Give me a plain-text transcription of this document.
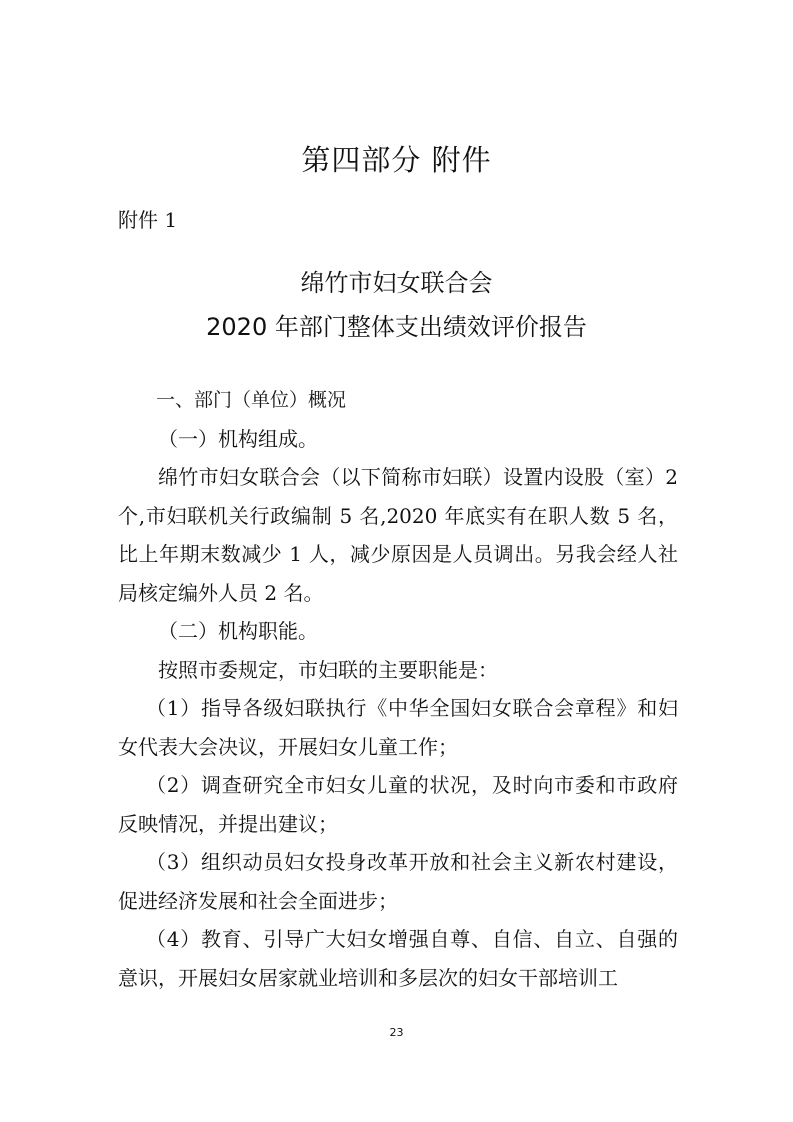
第四部分 附件
附件 1
绵竹市妇女联合会
2020 年部门整体支出绩效评价报告

一、部门（单位）概况

（一）机构组成。

绵竹市妇女联合会（以下简称市妇联）设置内设股（室）2 个,市妇联机关行政编制 5 名,2020 年底实有在职人数 5 名，比上年期末数减少 1 人，减少原因是人员调出。另我会经人社局核定编外人员 2 名。

（二）机构职能。

按照市委规定，市妇联的主要职能是：

（1）指导各级妇联执行《中华全国妇女联合会章程》和妇女代表大会决议，开展妇女儿童工作；

（2）调查研究全市妇女儿童的状况，及时向市委和市政府反映情况，并提出建议；

（3）组织动员妇女投身改革开放和社会主义新农村建设，促进经济发展和社会全面进步；

（4）教育、引导广大妇女增强自尊、自信、自立、自强的意识，开展妇女居家就业培训和多层次的妇女干部培训工

23
